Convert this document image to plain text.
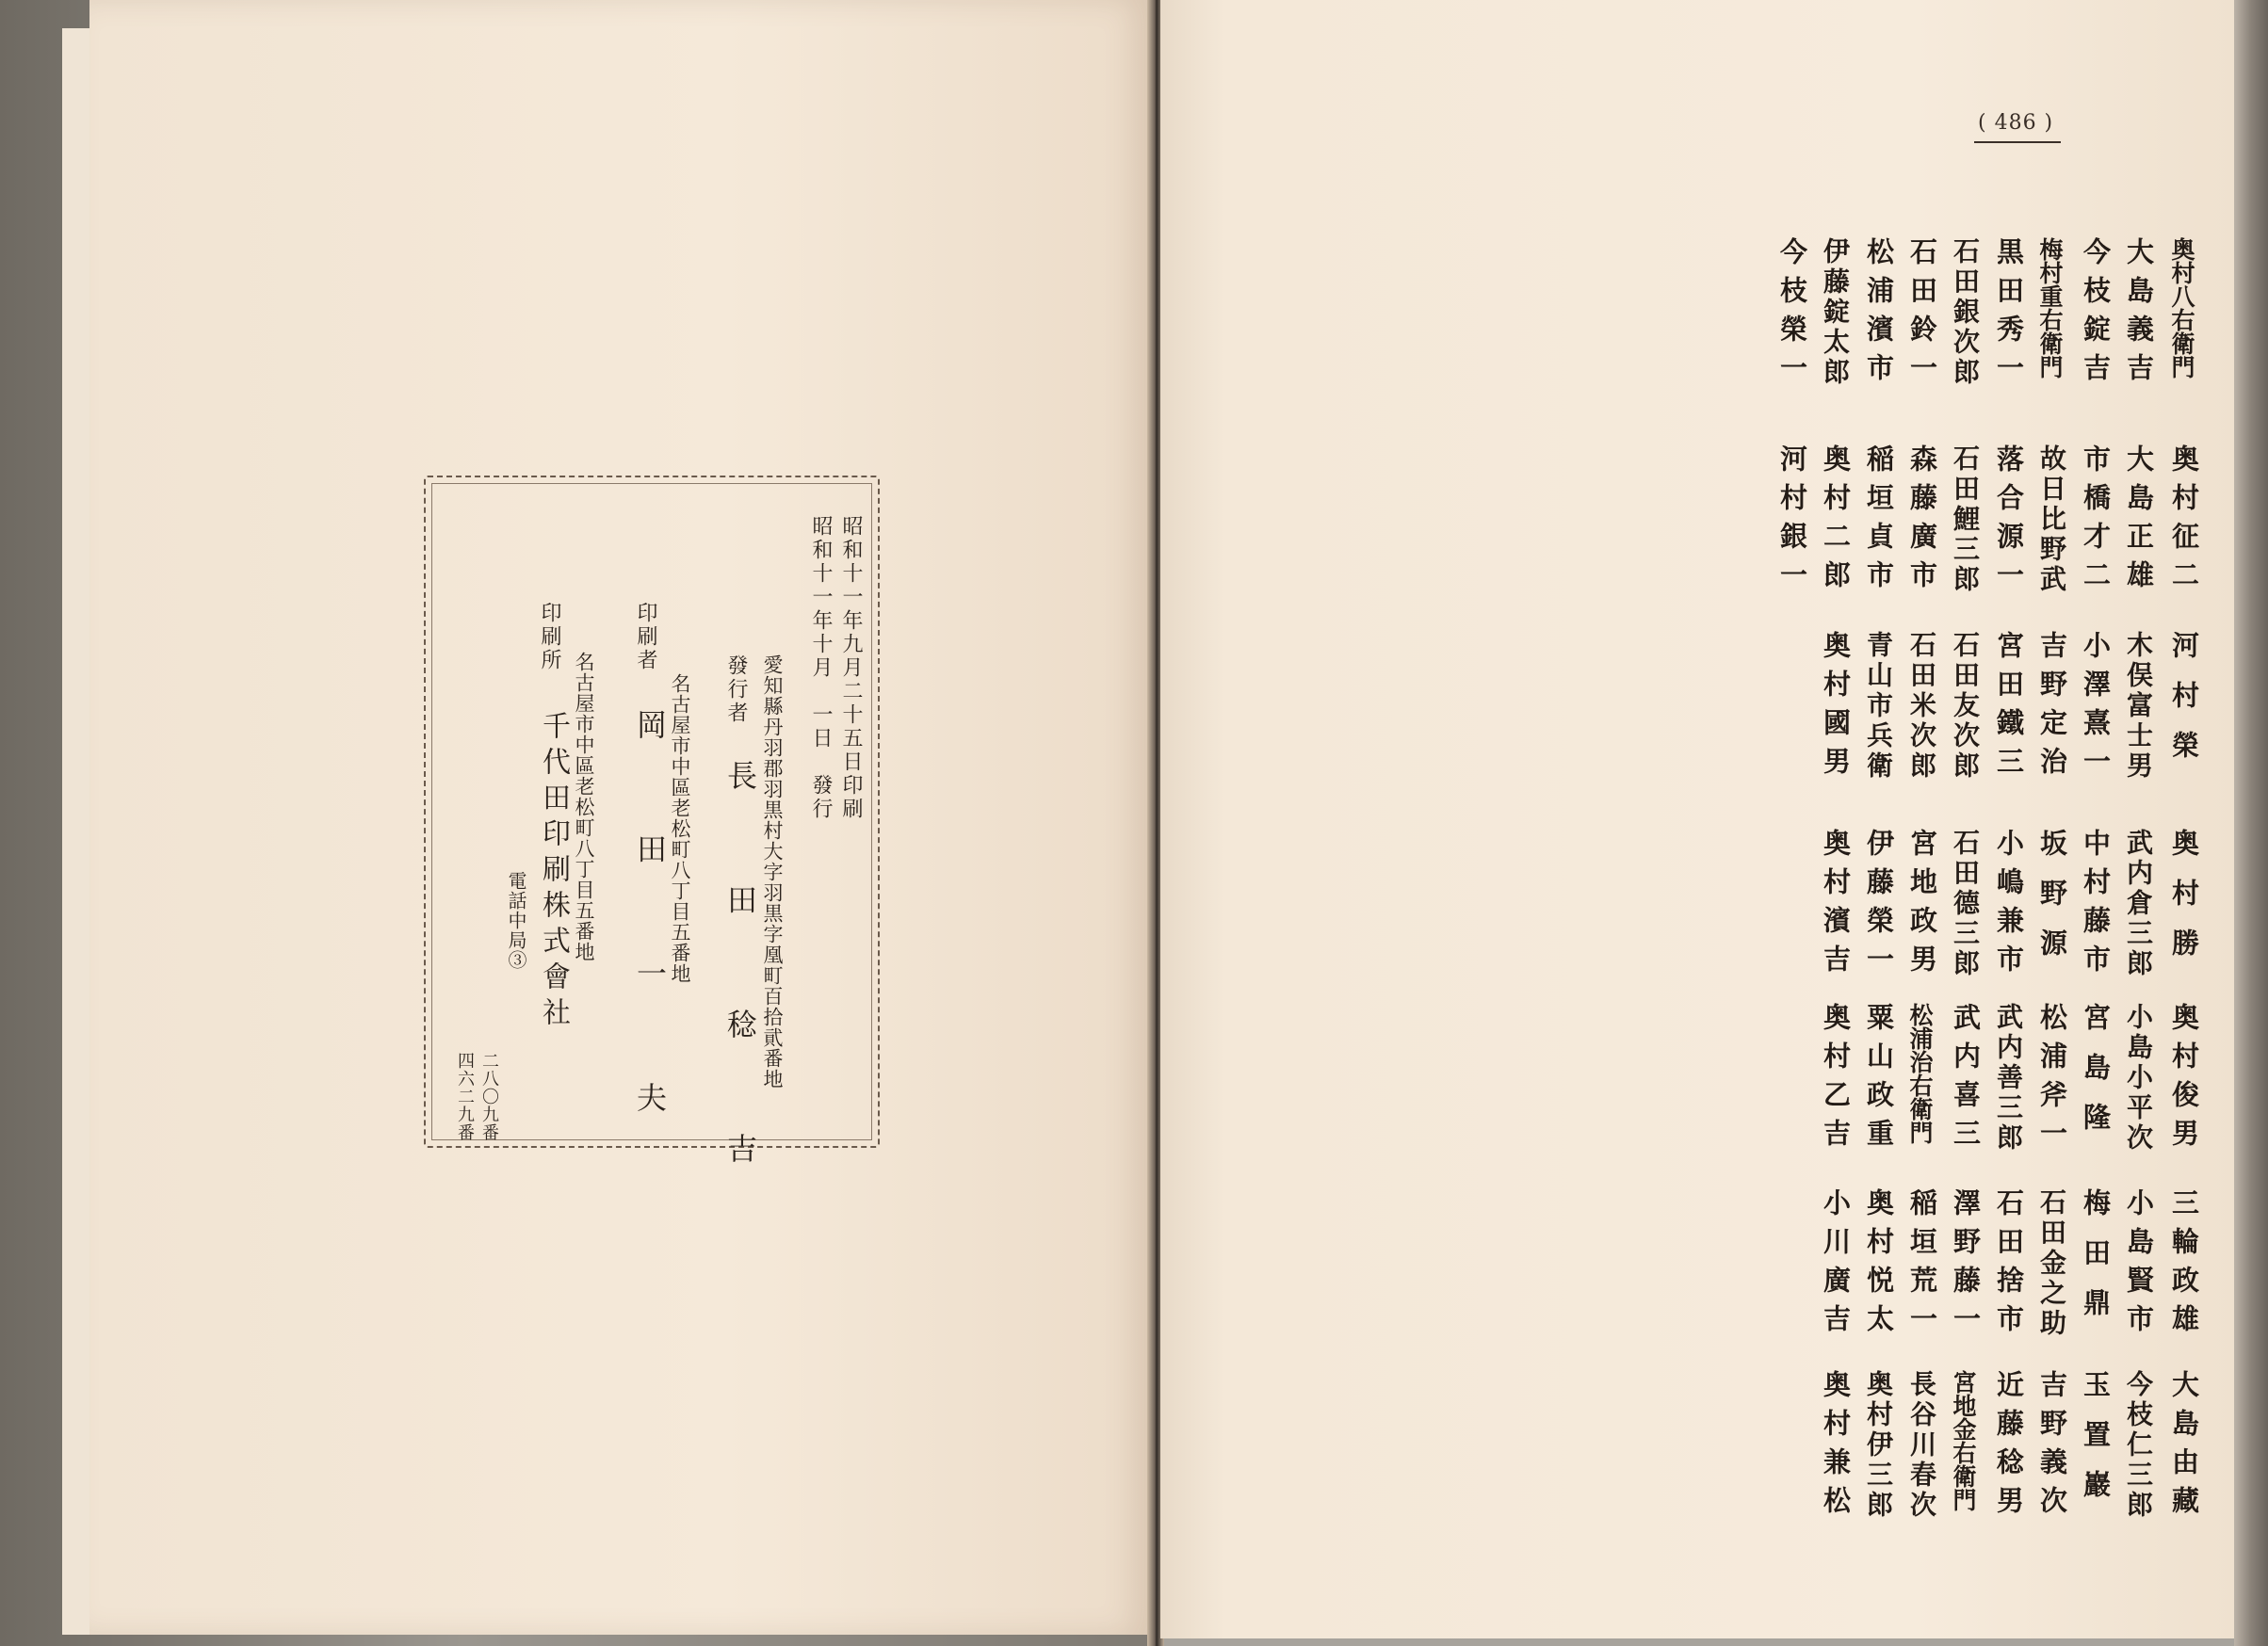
昭和十一年九月二十五日印刷
昭和十一年十月　一日　發行
愛知縣丹羽郡羽黒村大字羽黒字凰町百拾貮番地
發行者
長　田　稔　吉
名古屋市中區老松町八丁目五番地
印刷者
岡　田　一　夫
名古屋市中區老松町八丁目五番地
印刷所
千代田印刷株式會社
電話中局③
二八〇九番
四六二九番
( 486 )
奥村八右衛門
奥村征二
河村榮
奥村勝
奥村俊男
三輪政雄
大島由藏
大島義吉
大島正雄
木俣富士男
武内倉三郎
小島小平次
小島賢市
今枝仁三郎
今枝錠吉
市橋才二
小澤熹一
中村藤市
宮島隆
梅田鼎
玉置巖
梅村重右衛門
故日比野武
吉野定治
坂野源
松浦斧一
石田金之助
吉野義次
黒田秀一
落合源一
宮田鐵三
小嶋兼市
武内善三郎
石田捨市
近藤稔男
石田銀次郎
石田鯉三郎
石田友次郎
石田德三郎
武内喜三
澤野藤一
宮地金右衛門
石田鈴一
森藤廣市
石田米次郎
宮地政男
松浦治右衛門
稲垣荒一
長谷川春次
松浦濱市
稲垣貞市
青山市兵衛
伊藤榮一
粟山政重
奥村悦太
奥村伊三郎
伊藤錠太郎
奥村二郎
奥村國男
奥村濱吉
奥村乙吉
小川廣吉
奥村兼松
今枝榮一
河村銀一
